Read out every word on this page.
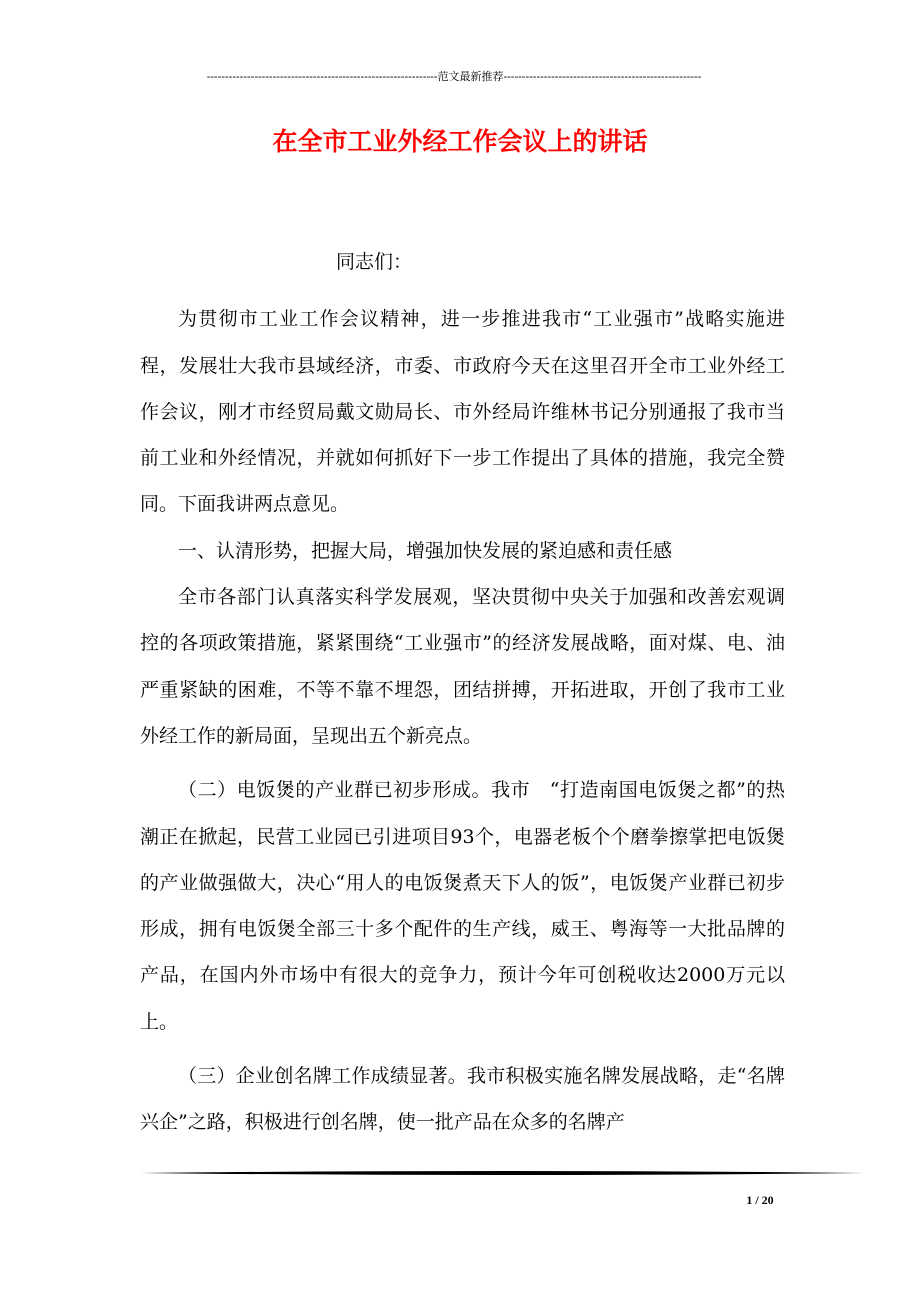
---------------------------------------------------------------范文最新推荐------------------------------------------------------
在全市工业外经工作会议上的讲话

同志们：

为贯彻市工业工作会议精神，进一步推进我市“工业强市”战略实施进程，发展壮大我市县域经济，市委、市政府今天在这里召开全市工业外经工作会议，刚才市经贸局戴文勋局长、市外经局许维林书记分别通报了我市当前工业和外经情况，并就如何抓好下一步工作提出了具体的措施，我完全赞同。下面我讲两点意见。

一、认清形势，把握大局，增强加快发展的紧迫感和责任感

全市各部门认真落实科学发展观，坚决贯彻中央关于加强和改善宏观调控的各项政策措施，紧紧围绕“工业强市”的经济发展战略，面对煤、电、油严重紧缺的困难，不等不靠不埋怨，团结拼搏，开拓进取，开创了我市工业外经工作的新局面，呈现出五个新亮点。

（二）电饭煲的产业群已初步形成。我市　“打造南国电饭煲之都”的热潮正在掀起，民营工业园已引进项目93个，电器老板个个磨拳擦掌把电饭煲的产业做强做大，决心“用人的电饭煲煮天下人的饭”，电饭煲产业群已初步形成，拥有电饭煲全部三十多个配件的生产线，威王、粤海等一大批品牌的产品，在国内外市场中有很大的竞争力，预计今年可创税收达2000万元以上。

（三）企业创名牌工作成绩显著。我市积极实施名牌发展战略，走“名牌兴企”之路，积极进行创名牌，使一批产品在众多的名牌产

1 / 20
